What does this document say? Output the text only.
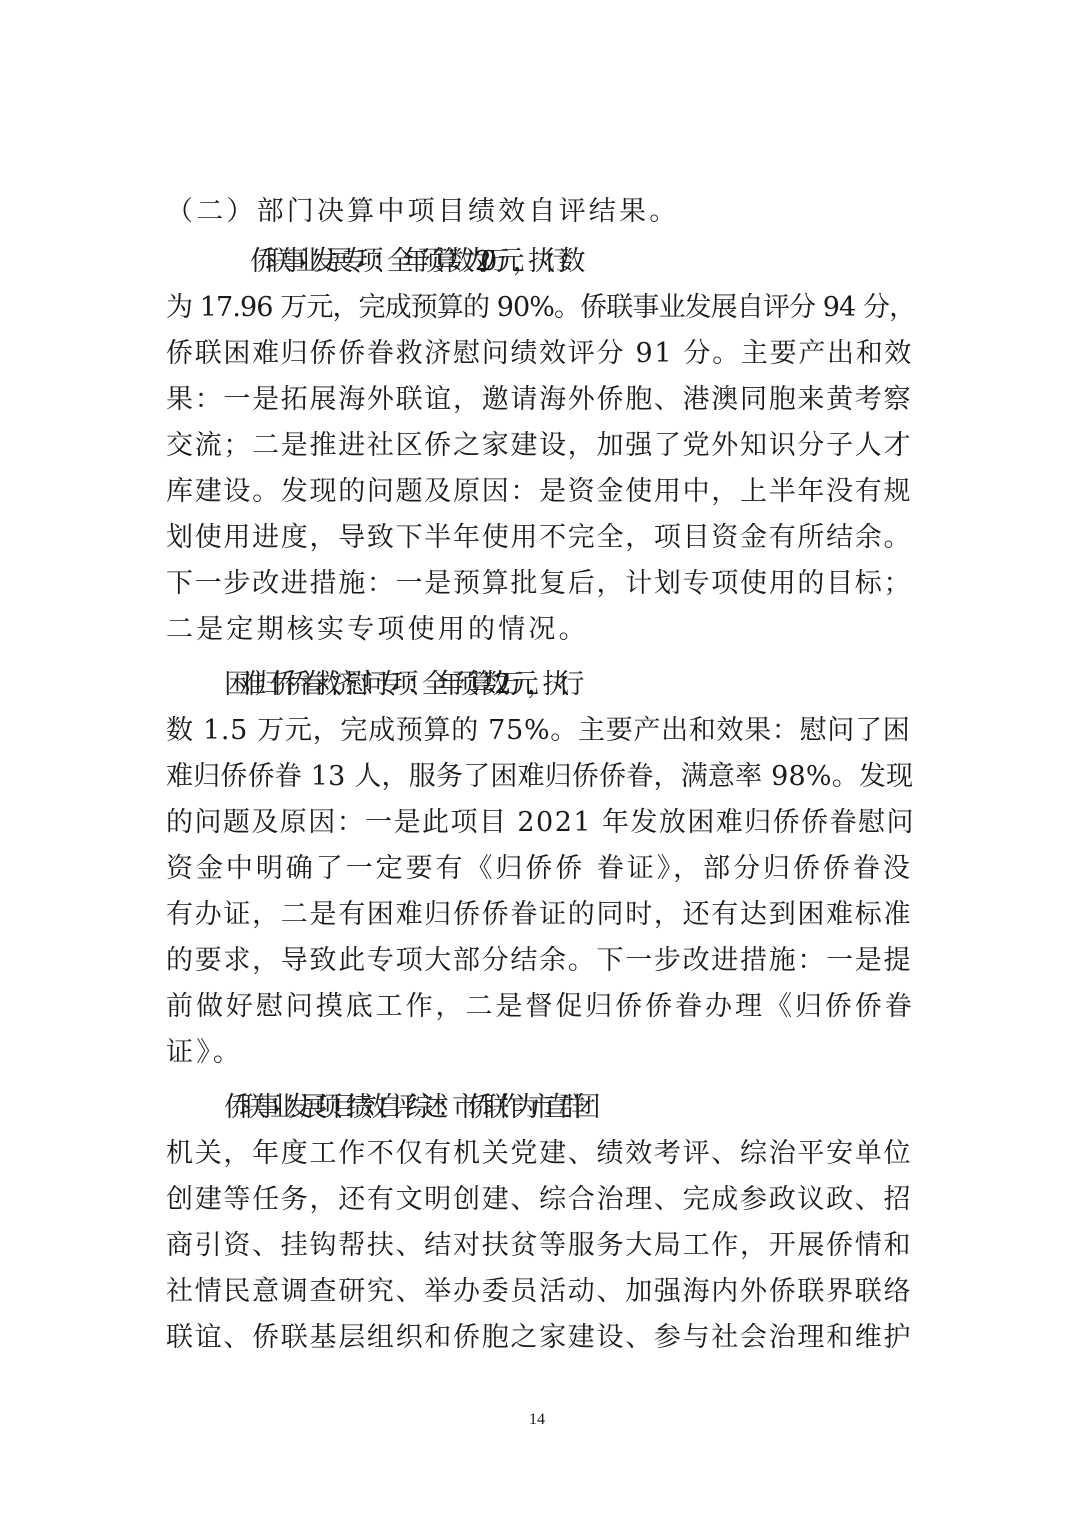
（二）部门决算中项目绩效自评结果。
侨联事业发展专项：全年预算数为 20 万元，执行数
为 17.96 万元，完成预算的 90%。侨联事业发展自评分 94 分，
侨联困难归侨侨眷救济慰问绩效评分 91 分。主要产出和效
果：一是拓展海外联谊，邀请海外侨胞、港澳同胞来黄考察
交流；二是推进社区侨之家建设，加强了党外知识分子人才
库建设。发现的问题及原因：是资金使用中，上半年没有规
划使用进度，导致下半年使用不完全，项目资金有所结余。
下一步改进措施：一是预算批复后，计划专项使用的目标；
二是定期核实专项使用的情况。
困难归侨侨眷救济慰问专项：全年预算数 2 万元，执行
数 1.5 万元，完成预算的 75%。主要产出和效果：慰问了困
难归侨侨眷 13 人，服务了困难归侨侨眷，满意率 98%。发现
的问题及原因：一是此项目 2021 年发放困难归侨侨眷慰问
资金中明确了一定要有《归侨侨 眷证》，部分归侨侨眷没
有办证，二是有困难归侨侨眷证的同时，还有达到困难标准
的要求，导致此专项大部分结余。下一步改进措施：一是提
前做好慰问摸底工作，二是督促归侨侨眷办理《归侨侨眷
证》。
侨联事业发展项目绩效自评综述：市侨联作为市直群团
机关，年度工作不仅有机关党建、绩效考评、综治平安单位
创建等任务，还有文明创建、综合治理、完成参政议政、招
商引资、挂钩帮扶、结对扶贫等服务大局工作，开展侨情和
社情民意调查研究、举办委员活动、加强海内外侨联界联络
联谊、侨联基层组织和侨胞之家建设、参与社会治理和维护
14
